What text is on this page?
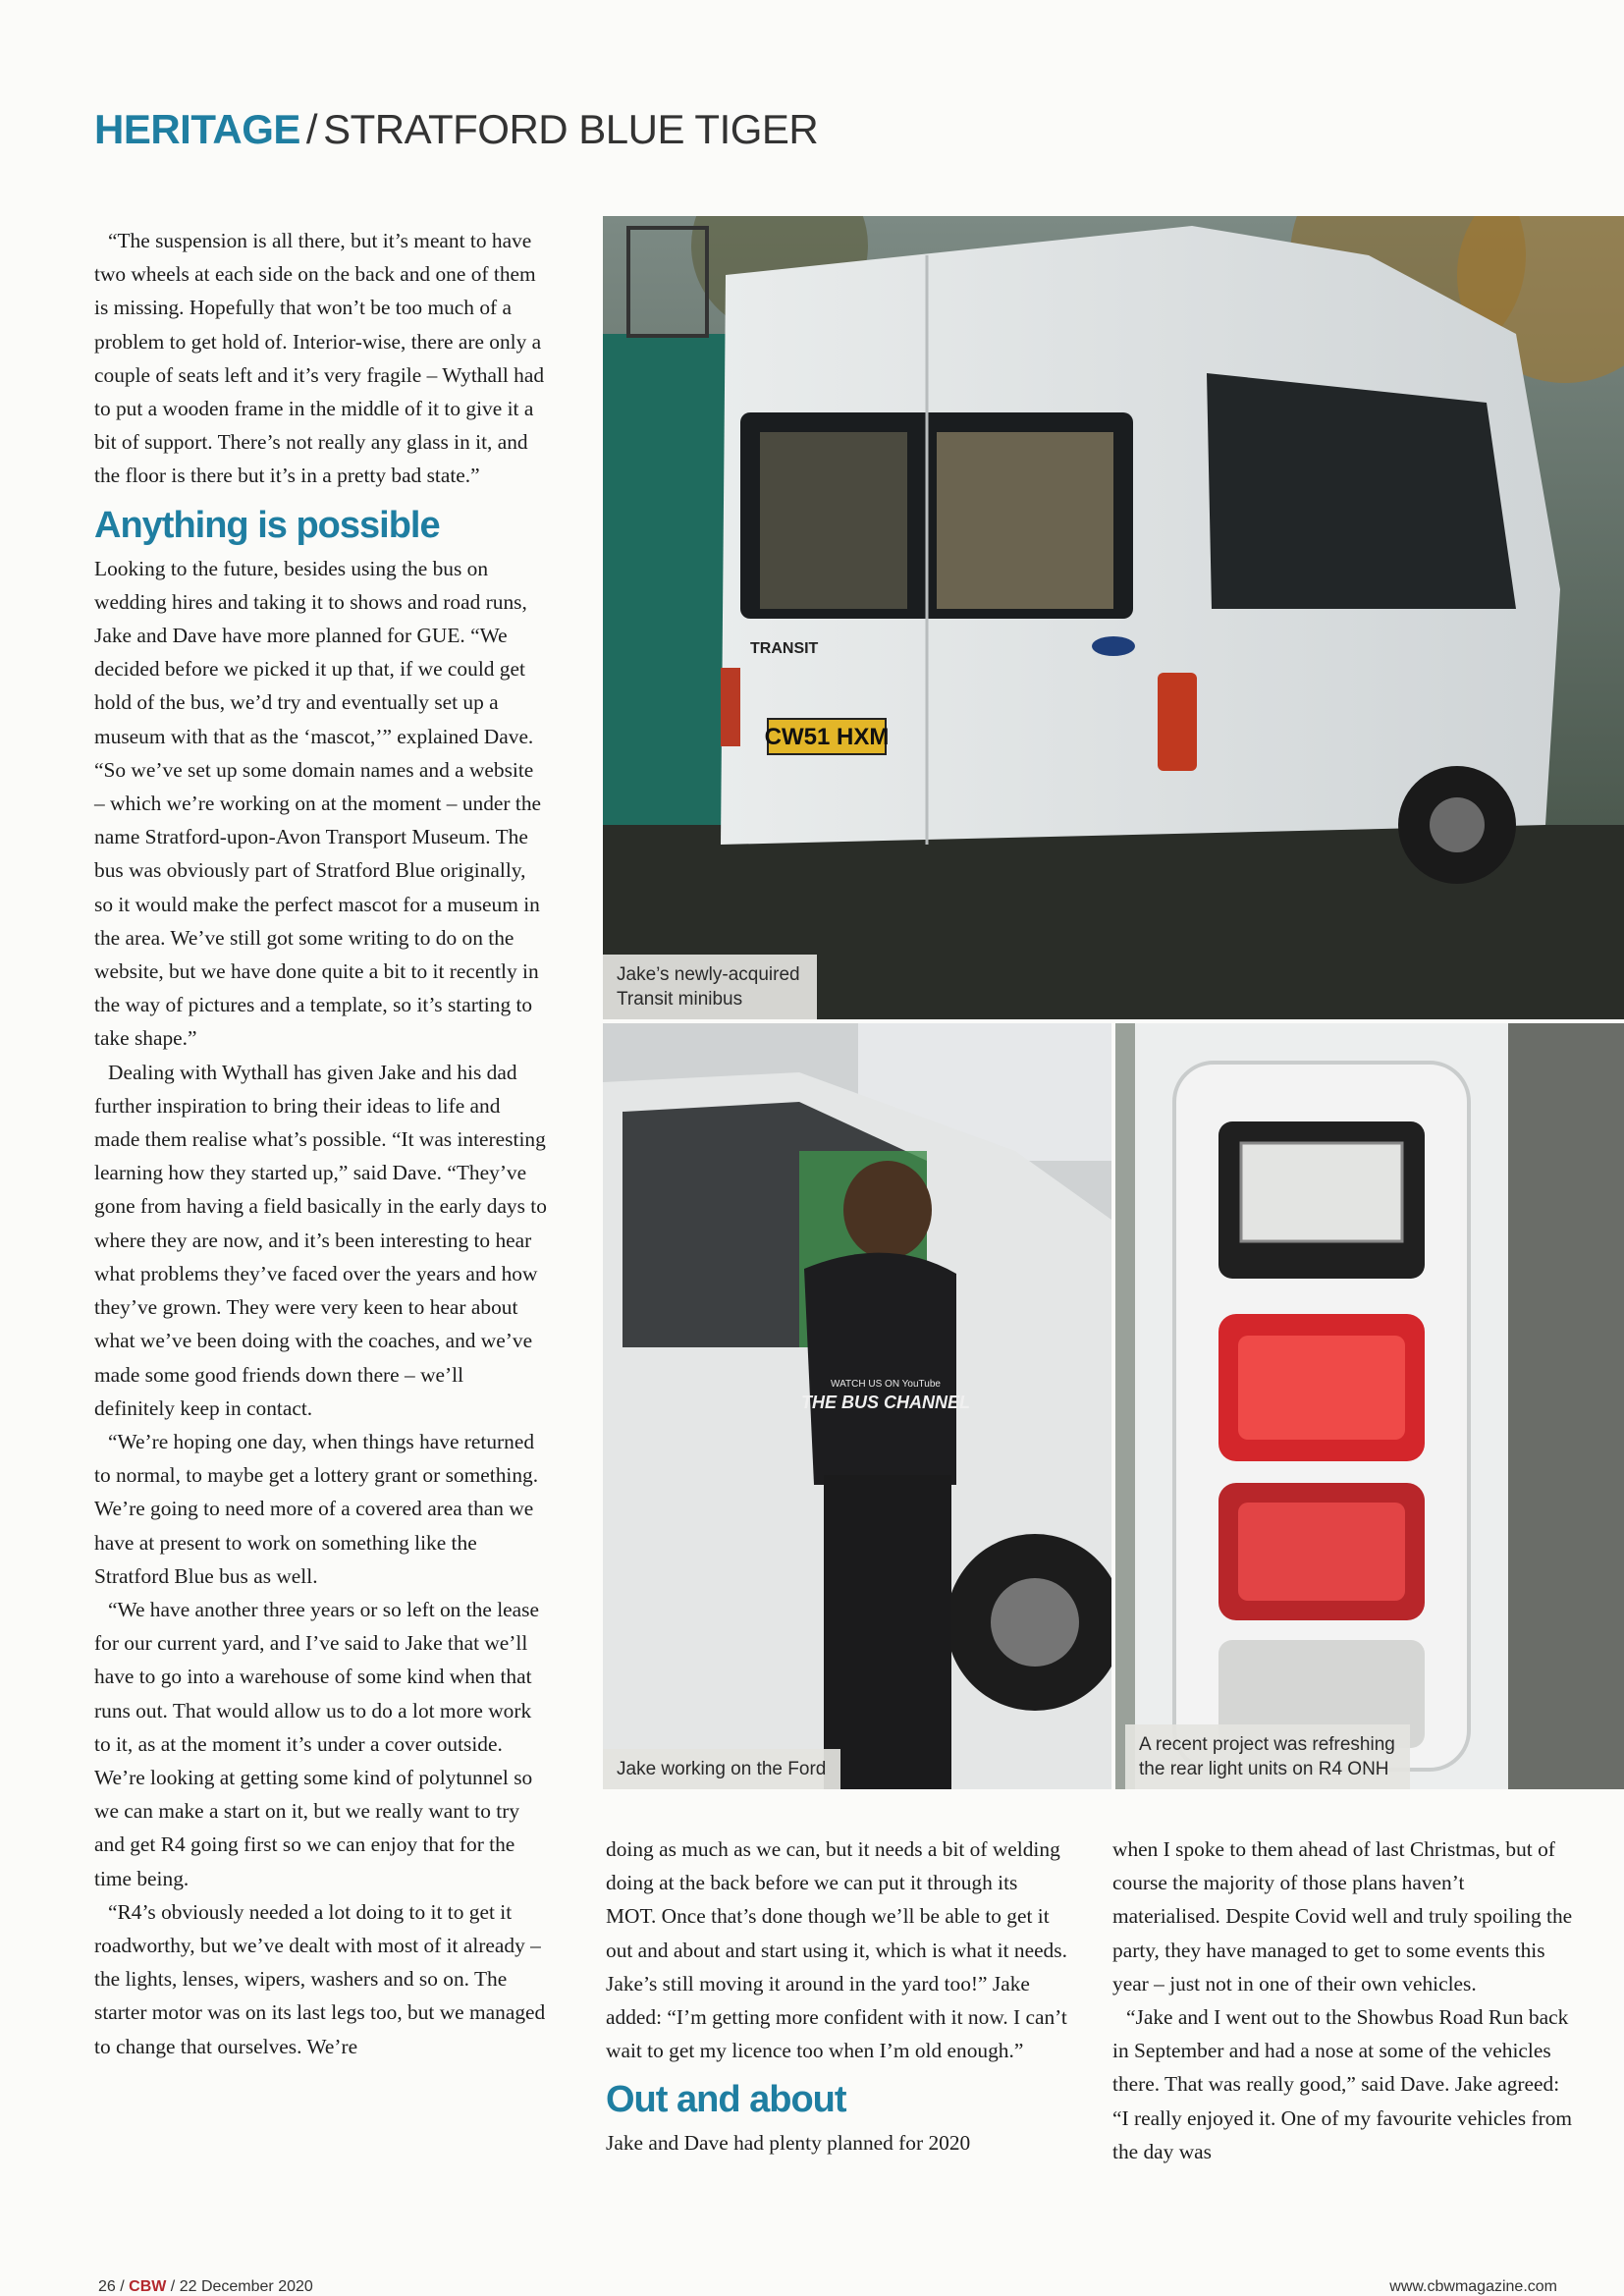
HERITAGE / STRATFORD BLUE TIGER

“The suspension is all there, but it’s meant to have two wheels at each side on the back and one of them is missing. Hopefully that won’t be too much of a problem to get hold of. Interior-wise, there are only a couple of seats left and it’s very fragile – Wythall had to put a wooden frame in the middle of it to give it a bit of support. There’s not really any glass in it, and the floor is there but it’s in a pretty bad state.”

Anything is possible

Looking to the future, besides using the bus on wedding hires and taking it to shows and road runs, Jake and Dave have more planned for GUE. “We decided before we picked it up that, if we could get hold of the bus, we’d try and eventually set up a museum with that as the ‘mascot,’” explained Dave. “So we’ve set up some domain names and a website – which we’re working on at the moment – under the name Stratford-upon-Avon Transport Museum. The bus was obviously part of Stratford Blue originally, so it would make the perfect mascot for a museum in the area. We’ve still got some writing to do on the website, but we have done quite a bit to it recently in the way of pictures and a template, so it’s starting to take shape.”

Dealing with Wythall has given Jake and his dad further inspiration to bring their ideas to life and made them realise what’s possible. “It was interesting learning how they started up,” said Dave. “They’ve gone from having a field basically in the early days to where they are now, and it’s been interesting to hear what problems they’ve faced over the years and how they’ve grown. They were very keen to hear about what we’ve been doing with the coaches, and we’ve made some good friends down there – we’ll definitely keep in contact.

“We’re hoping one day, when things have returned to normal, to maybe get a lottery grant or something. We’re going to need more of a covered area than we have at present to work on something like the Stratford Blue bus as well.

“We have another three years or so left on the lease for our current yard, and I’ve said to Jake that we’ll have to go into a warehouse of some kind when that runs out. That would allow us to do a lot more work to it, as at the moment it’s under a cover outside. We’re looking at getting some kind of polytunnel so we can make a start on it, but we really want to try and get R4 going first so we can enjoy that for the time being.

“R4’s obviously needed a lot doing to it to get it roadworthy, but we’ve dealt with most of it already – the lights, lenses, wipers, washers and so on. The starter motor was on its last legs too, but we managed to change that ourselves. We’re

CW51 HXM
TRANSIT
Jake’s newly-acquired Transit minibus
WATCH US ON YouTube
THE BUS CHANNEL
Jake working on the Ford
A recent project was refreshing the rear light units on R4 ONH

doing as much as we can, but it needs a bit of welding doing at the back before we can put it through its MOT. Once that’s done though we’ll be able to get it out and about and start using it, which is what it needs. Jake’s still moving it around in the yard too!” Jake added: “I’m getting more confident with it now. I can’t wait to get my licence too when I’m old enough.”

Out and about

Jake and Dave had plenty planned for 2020

when I spoke to them ahead of last Christmas, but of course the majority of those plans haven’t materialised. Despite Covid well and truly spoiling the party, they have managed to get to some events this year – just not in one of their own vehicles.

“Jake and I went out to the Showbus Road Run back in September and had a nose at some of the vehicles there. That was really good,” said Dave. Jake agreed: “I really enjoyed it. One of my favourite vehicles from the day was

26 / CBW / 22 December 2020	www.cbwmagazine.com
